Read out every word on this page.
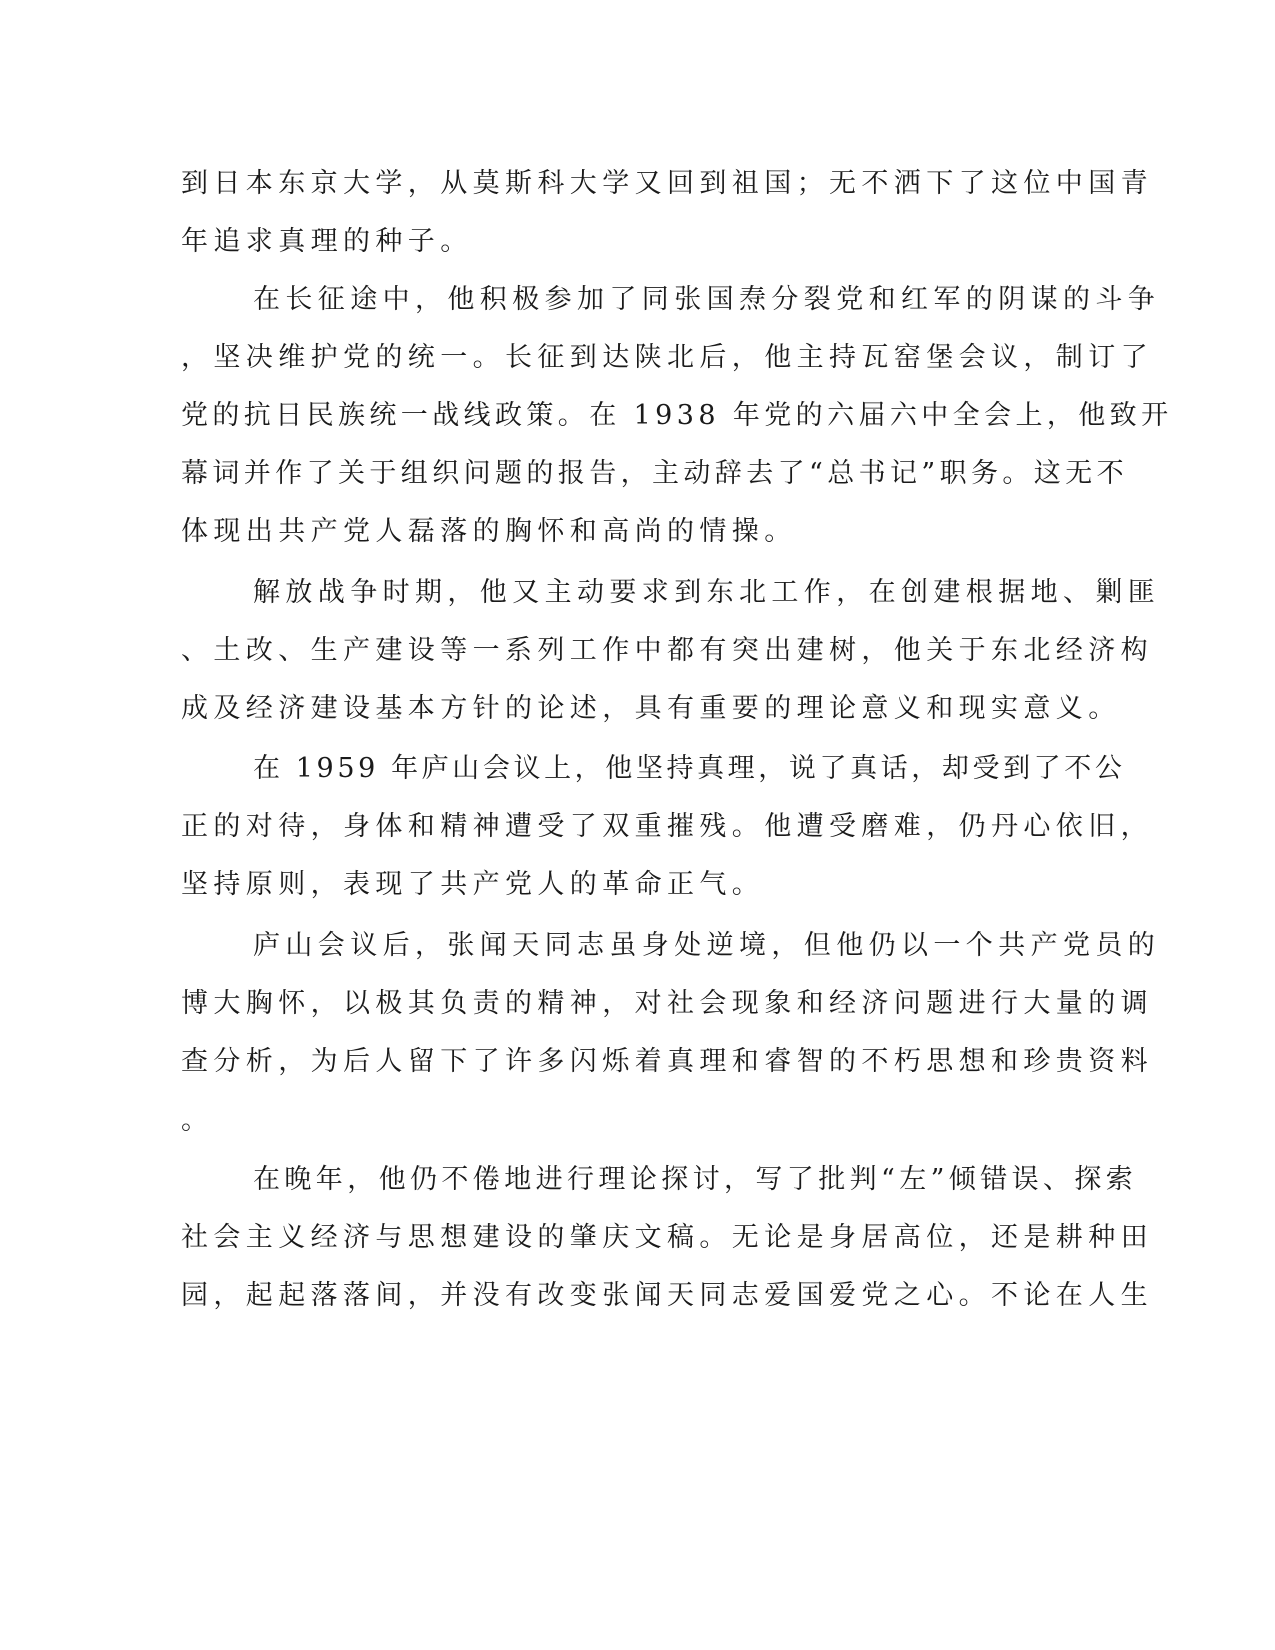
到日本东京大学，从莫斯科大学又回到祖国；无不洒下了这位中国青
年追求真理的种子。
在长征途中，他积极参加了同张国焘分裂党和红军的阴谋的斗争
，坚决维护党的统一。长征到达陕北后，他主持瓦窑堡会议，制订了
党的抗日民族统一战线政策。在 1938 年党的六届六中全会上，他致开
幕词并作了关于组织问题的报告，主动辞去了“总书记”职务。这无不
体现出共产党人磊落的胸怀和高尚的情操。
解放战争时期，他又主动要求到东北工作，在创建根据地、剿匪
、土改、生产建设等一系列工作中都有突出建树，他关于东北经济构
成及经济建设基本方针的论述，具有重要的理论意义和现实意义。
在 1959 年庐山会议上，他坚持真理，说了真话，却受到了不公
正的对待，身体和精神遭受了双重摧残。他遭受磨难，仍丹心依旧，
坚持原则，表现了共产党人的革命正气。
庐山会议后，张闻天同志虽身处逆境，但他仍以一个共产党员的
博大胸怀，以极其负责的精神，对社会现象和经济问题进行大量的调
查分析，为后人留下了许多闪烁着真理和睿智的不朽思想和珍贵资料
。
在晚年，他仍不倦地进行理论探讨，写了批判“左”倾错误、探索
社会主义经济与思想建设的肇庆文稿。无论是身居高位，还是耕种田
园，起起落落间，并没有改变张闻天同志爱国爱党之心。不论在人生
